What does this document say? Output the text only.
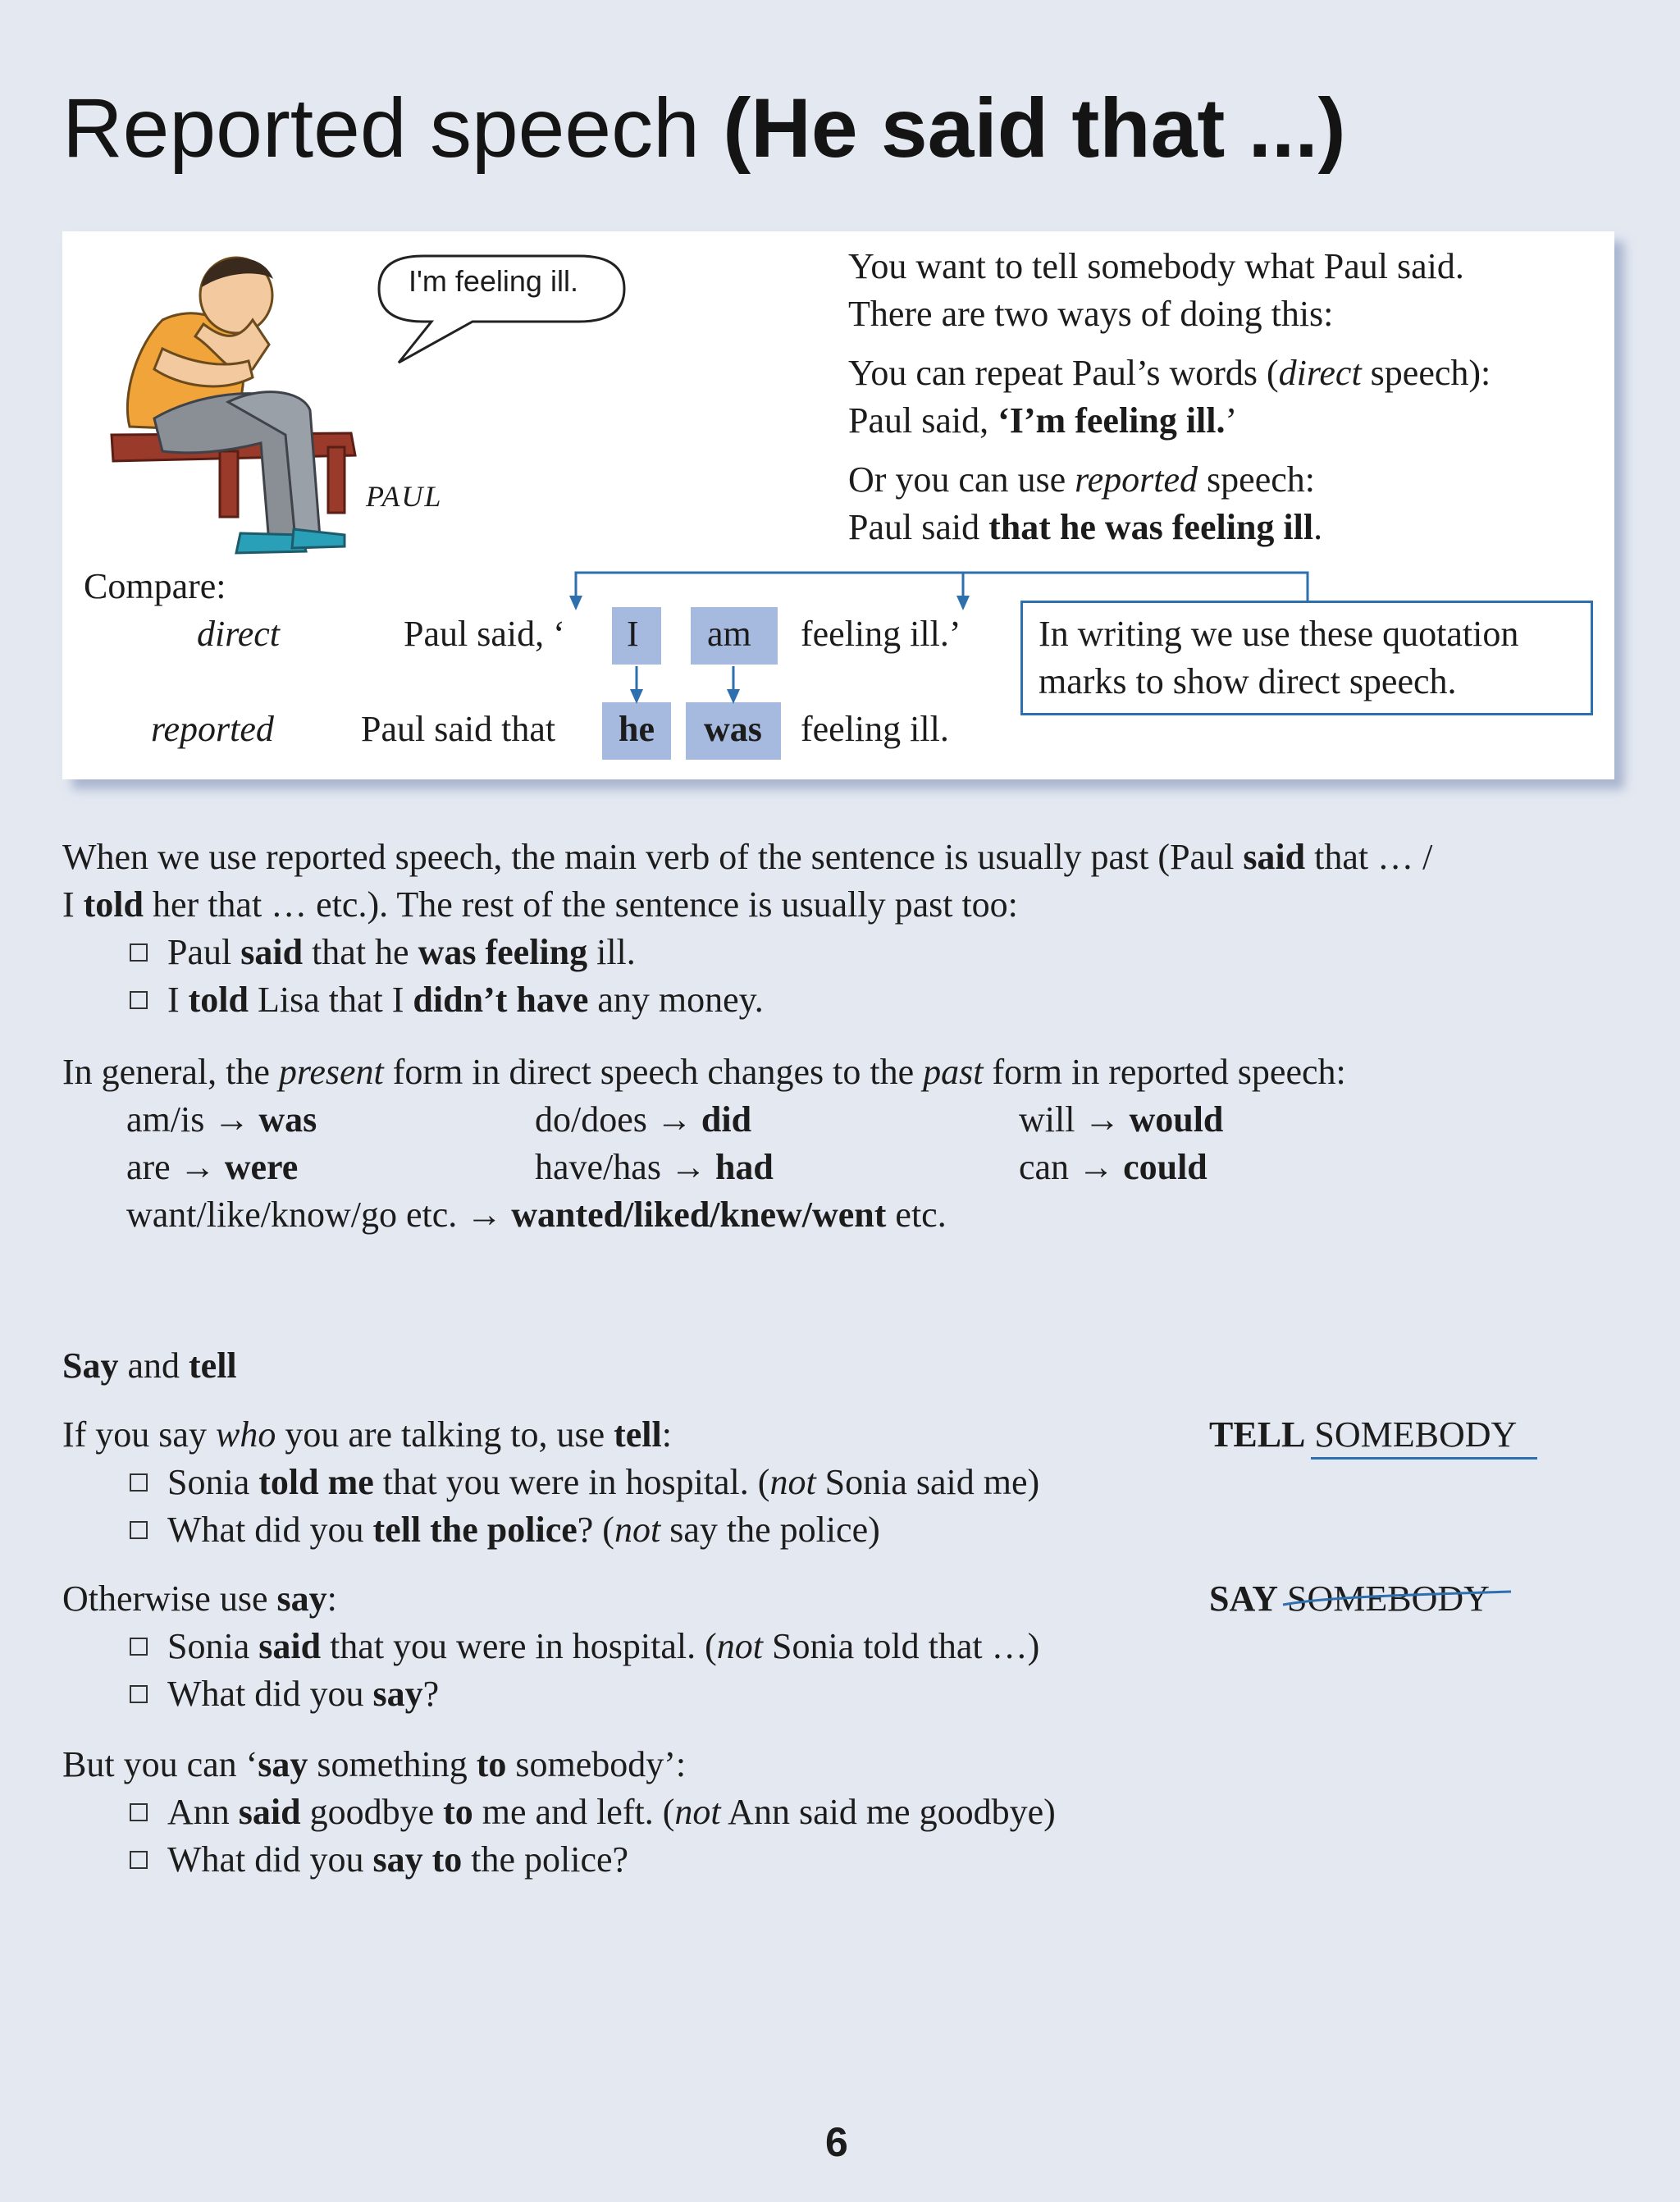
Reported speech (He said that ...)
I'm feeling ill.
PAUL
You want to tell somebody what Paul said.
There are two ways of doing this:
You can repeat Paul’s words (direct speech):
Paul said, ‘I’m feeling ill.’
Or you can use reported speech:
Paul said that he was feeling ill.
Compare:
direct
reported
Paul said, ‘ I am feeling ill.’
Paul said that he was feeling ill.
In writing we use these quotation marks to show direct speech.
When we use reported speech, the main verb of the sentence is usually past (Paul said that … /
I told her that … etc.). The rest of the sentence is usually past too:
Paul said that he was feeling ill.
I told Lisa that I didn’t have any money.
In general, the present form in direct speech changes to the past form in reported speech:
am/is → was	do/does → did	will → would
are → were	have/has → had	can → could
want/like/know/go etc. → wanted/liked/knew/went etc.
Say and tell
If you say who you are talking to, use tell:
Sonia told me that you were in hospital. (not Sonia said me)
What did you tell the police? (not say the police)
Otherwise use say:
Sonia said that you were in hospital. (not Sonia told that …)
What did you say?
But you can ‘say something to somebody’:
Ann said goodbye to me and left. (not Ann said me goodbye)
What did you say to the police?
TELL SOMEBODY
SAY SOMEBODY
6
